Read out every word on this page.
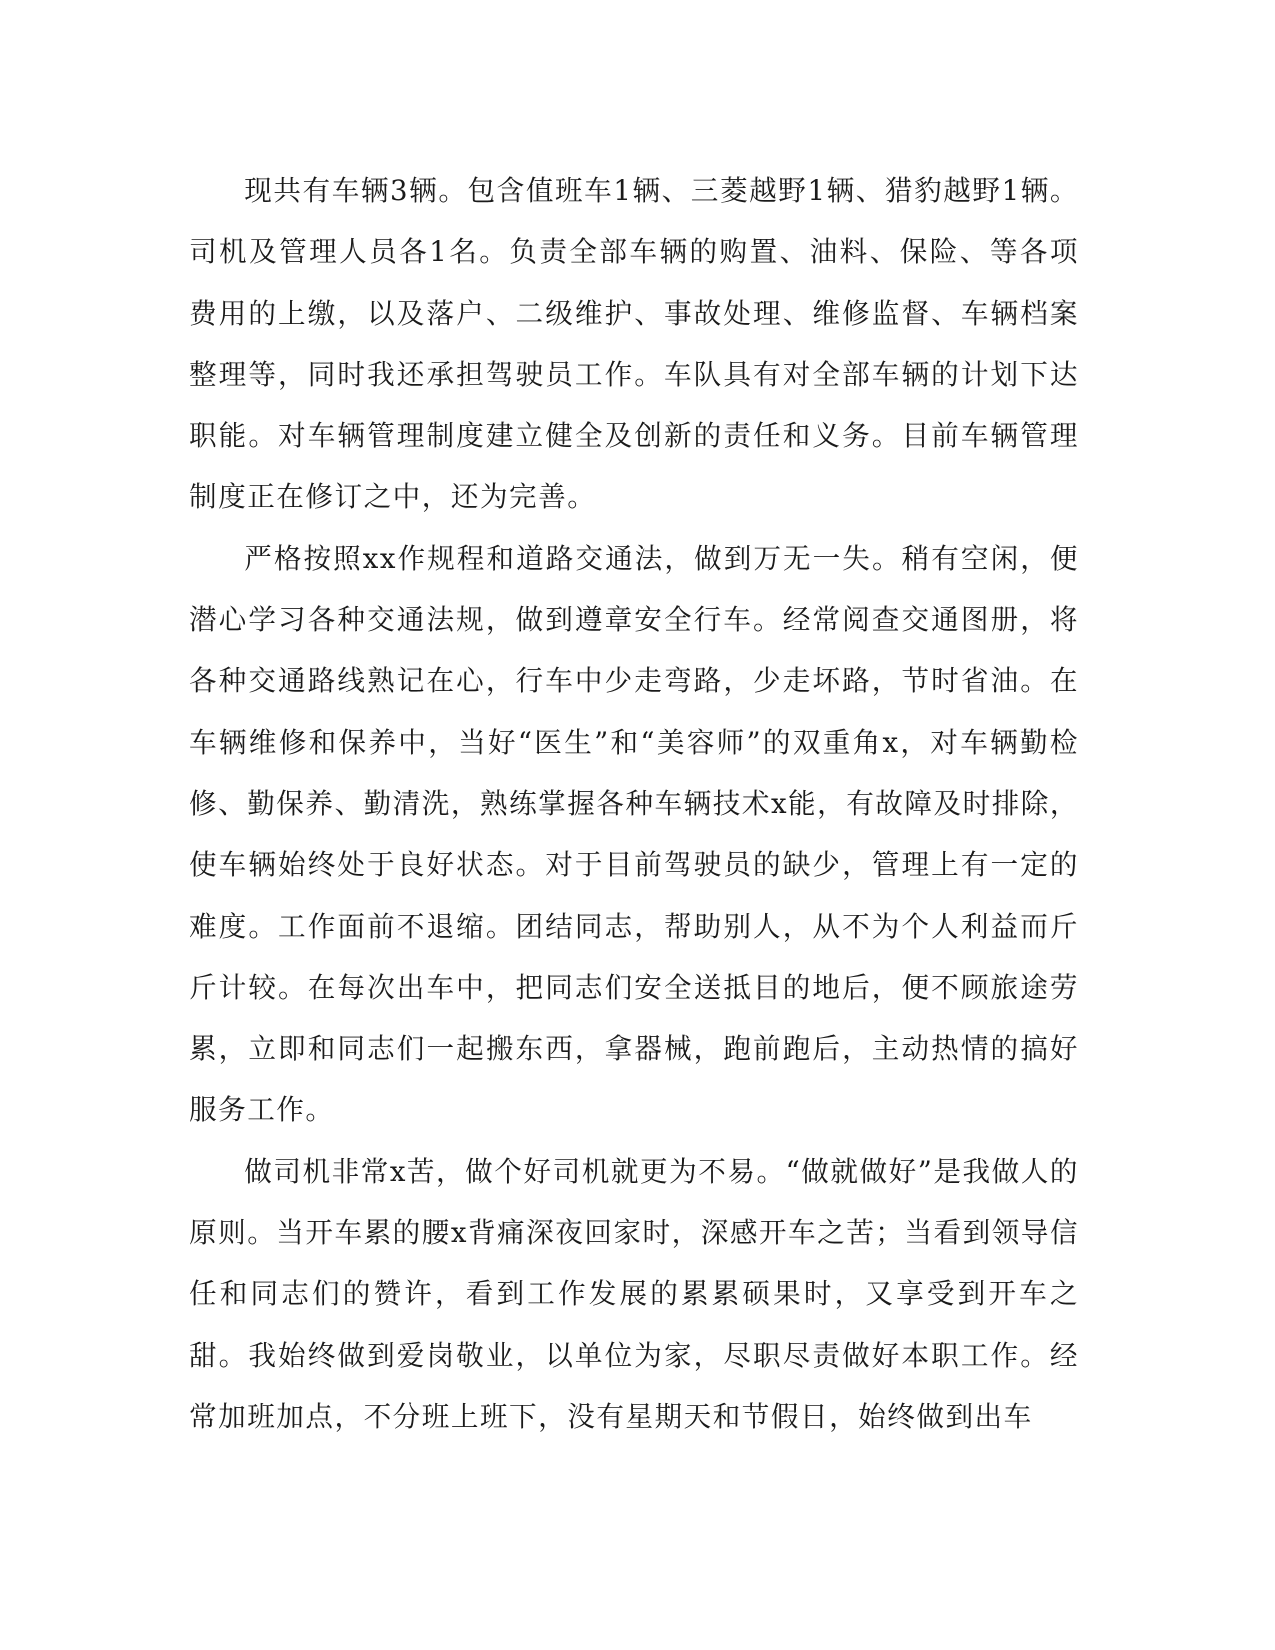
现共有车辆3辆。包含值班车1辆、三菱越野1辆、猎豹越野1辆。司机及管理人员各1名。负责全部车辆的购置、油料、保险、等各项费用的上缴，以及落户、二级维护、事故处理、维修监督、车辆档案整理等，同时我还承担驾驶员工作。车队具有对全部车辆的计划下达职能。对车辆管理制度建立健全及创新的责任和义务。目前车辆管理制度正在修订之中，还为完善。

严格按照xx作规程和道路交通法，做到万无一失。稍有空闲，便潜心学习各种交通法规，做到遵章安全行车。经常阅查交通图册，将各种交通路线熟记在心，行车中少走弯路，少走坏路，节时省油。在车辆维修和保养中，当好“医生”和“美容师”的双重角x，对车辆勤检修、勤保养、勤清洗，熟练掌握各种车辆技术x能，有故障及时排除，使车辆始终处于良好状态。对于目前驾驶员的缺少，管理上有一定的难度。工作面前不退缩。团结同志，帮助别人，从不为个人利益而斤斤计较。在每次出车中，把同志们安全送抵目的地后，便不顾旅途劳累，立即和同志们一起搬东西，拿器械，跑前跑后，主动热情的搞好服务工作。

做司机非常x苦，做个好司机就更为不易。“做就做好”是我做人的原则。当开车累的腰x背痛深夜回家时，深感开车之苦；当看到领导信任和同志们的赞许，看到工作发展的累累硕果时，又享受到开车之甜。我始终做到爱岗敬业，以单位为家，尽职尽责做好本职工作。经常加班加点，不分班上班下，没有星期天和节假日，始终做到出车
